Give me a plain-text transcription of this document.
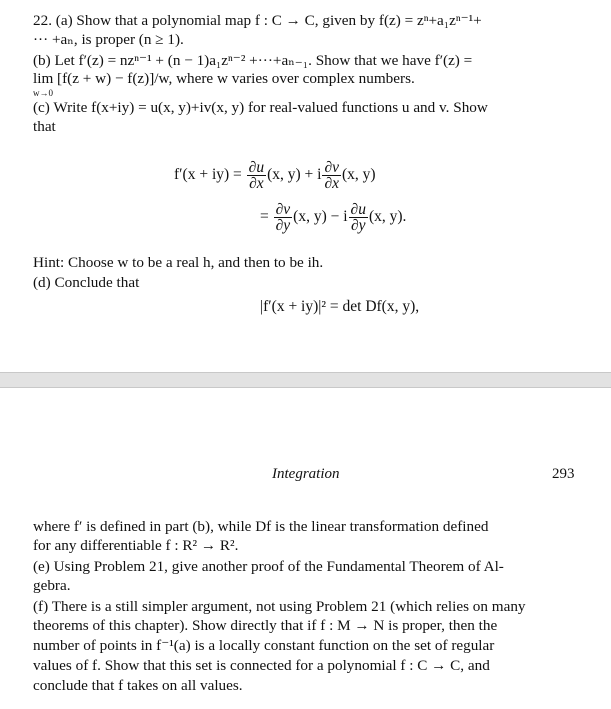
22. (a) Show that a polynomial map f : C → C, given by f(z) = zⁿ+a₁zⁿ⁻¹+
··· +aₙ, is proper (n ≥ 1).
(b) Let f′(z) = nzⁿ⁻¹ + (n − 1)a₁zⁿ⁻² +···+aₙ₋₁. Show that we have f′(z) =
lim [f(z + w) − f(z)]/w, where w varies over complex numbers.
w→0
(c) Write f(x+iy) = u(x, y)+iv(x, y) for real-valued functions u and v. Show
that
$f'(x + iy) = \frac{\partial u}{\partial x} (x$, y) + i $\frac{\partial v}{\partial x} (x$, y)
= $\frac{\partial v}{\partial y} (x$, y) − i $\frac{\partial u}{\partial y} (x$, y).
Hint: Choose w to be a real h, and then to be ih.
(d) Conclude that
|f′(x + iy)|² = det Df(x, y),
Integration	293
where f′ is defined in part (b), while Df is the linear transformation defined
for any differentiable f : R² → R².
(e) Using Problem 21, give another proof of the Fundamental Theorem of Al-
gebra.
(f) There is a still simpler argument, not using Problem 21 (which relies on many
theorems of this chapter). Show directly that if f : M → N is proper, then the
number of points in f⁻¹(a) is a locally constant function on the set of regular
values of f. Show that this set is connected for a polynomial f : C → C, and
conclude that f takes on all values.
